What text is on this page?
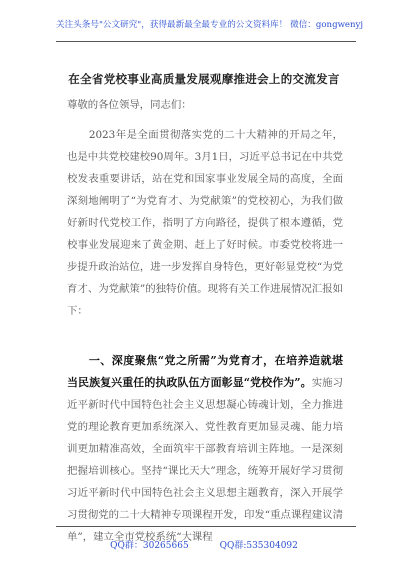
关注头条号"公文研究"，获得最新最全最专业的公文资料库！ 微信：gongwenyj
在全省党校事业高质量发展观摩推进会上的交流发言
尊敬的各位领导，同志们：

2023年是全面贯彻落实党的二十大精神的开局之年，也是中共党校建校90周年。3月1日，习近平总书记在中共党校发表重要讲话，站在党和国家事业发展全局的高度，全面深刻地阐明了“为党育才、为党献策”的党校初心，为我们做好新时代党校工作，指明了方向路径，提供了根本遵循，党校事业发展迎来了黄金期、赶上了好时候。市委党校将进一步提升政治站位，进一步发挥自身特色，更好彰显党校“为党育才、为党献策”的独特价值。现将有关工作进展情况汇报如下：

一、深度聚焦“党之所需”为党育才，在培养造就堪当民族复兴重任的执政队伍方面彰显“党校作为”。实施习近平新时代中国特色社会主义思想凝心铸魂计划，全力推进党的理论教育更加系统深入、党性教育更加显灵魂、能力培训更加精准高效，全面筑牢干部教育培训主阵地。一是深刻把握培训核心。坚持“课比天大”理念，统筹开展好学习贯彻习近平新时代中国特色社会主义思想主题教育，深入开展学习贯彻党的二十大精神专项课程开发，印发“重点课程建议清单”，建立全市党校系统“大课程

QQ群：30265665	QQ群:535304092
